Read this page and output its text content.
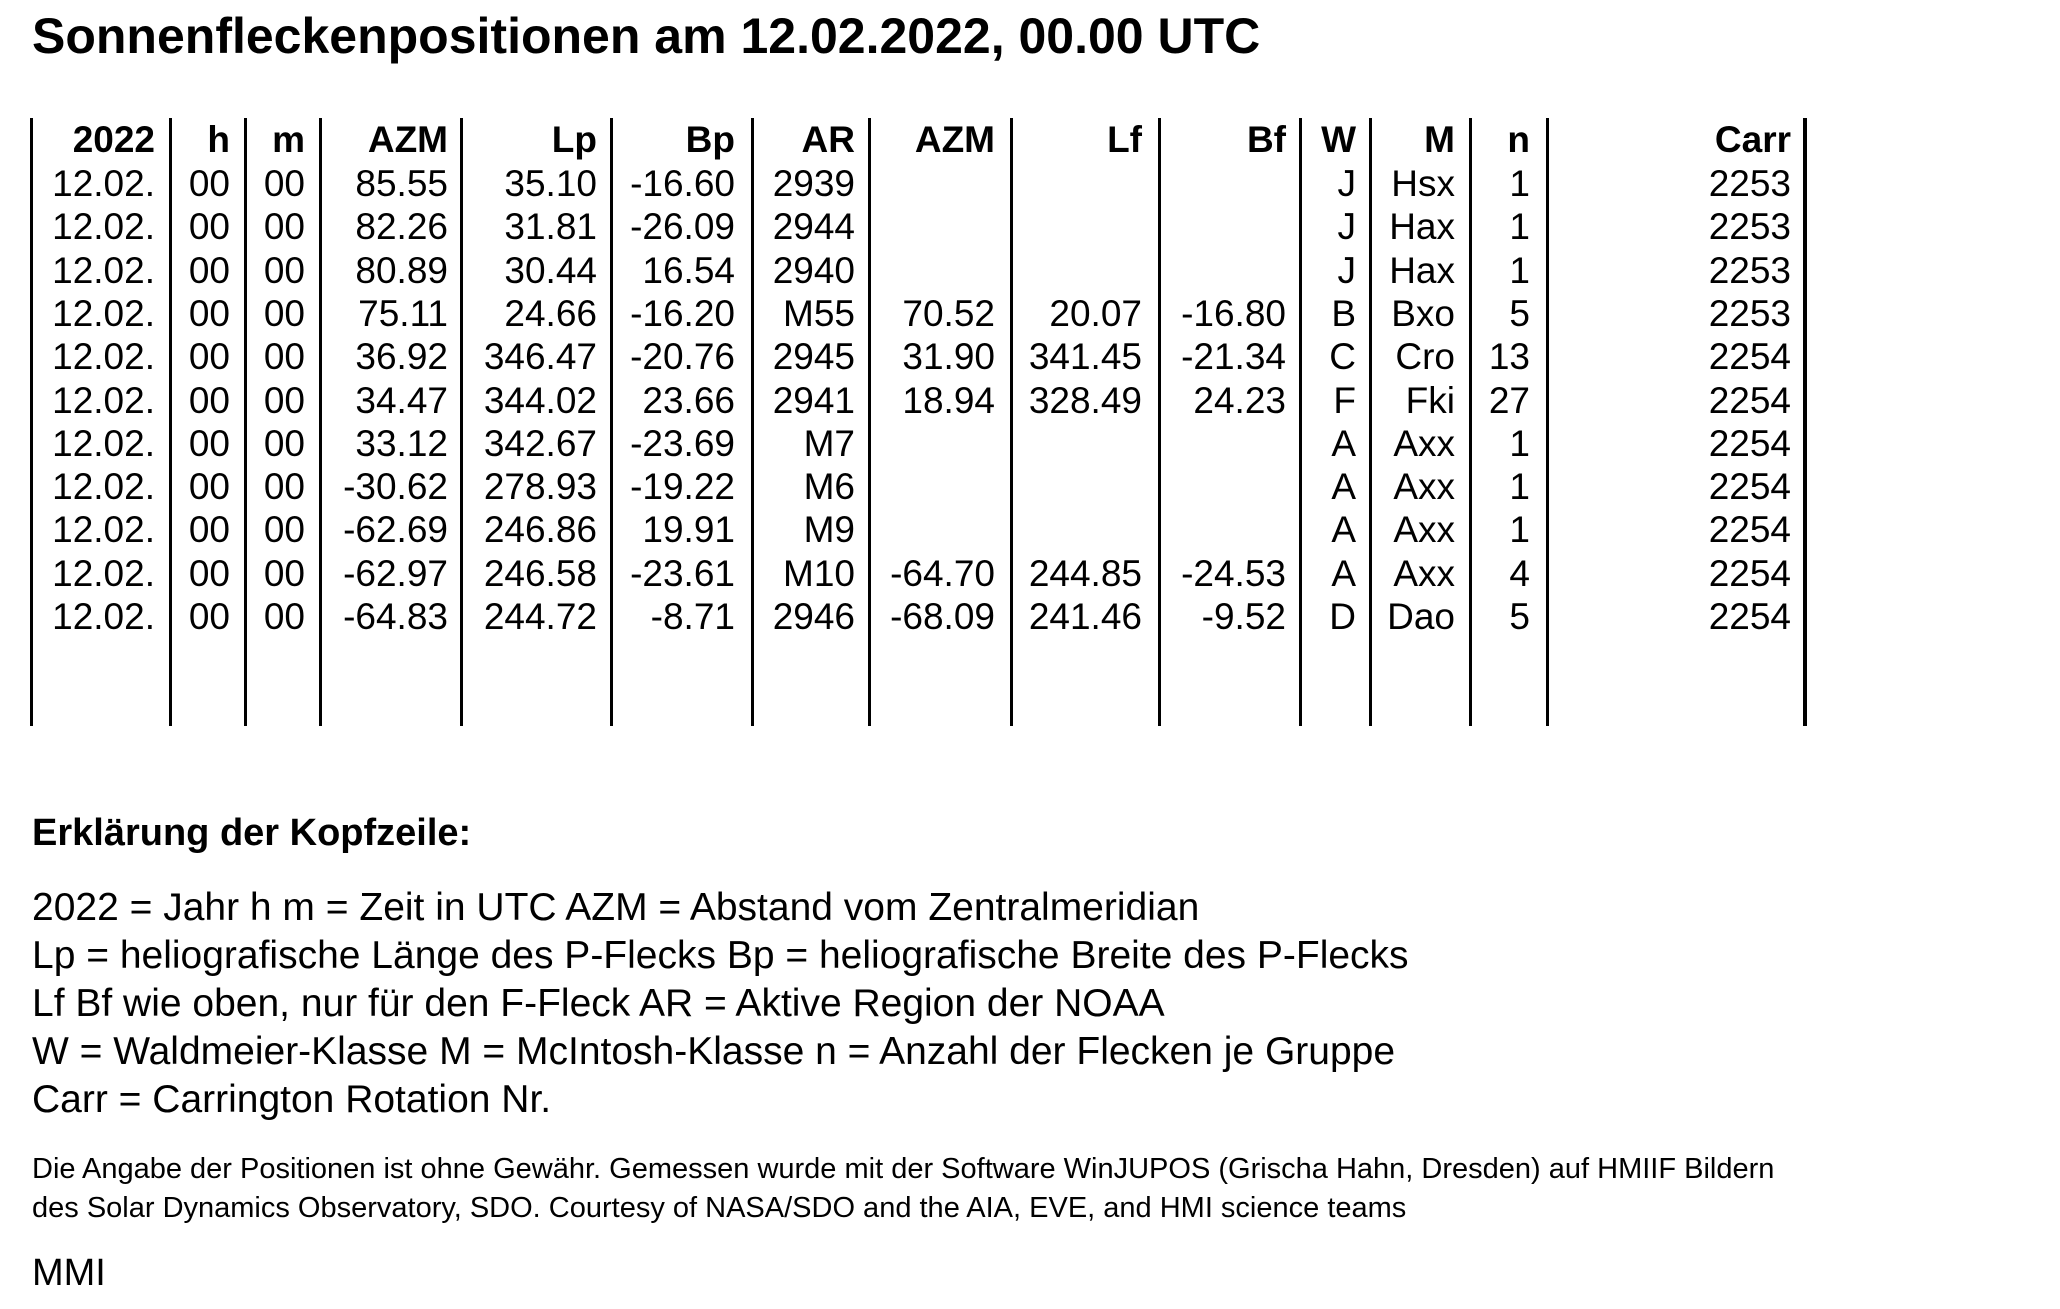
Sonnenfleckenpositionen am 12.02.2022, 00.00 UTC
2022 h m AZM	Lp Bp AR AZM	Lf	Bf W M n	Carr
12.02. 00 00 85.55 35.10 -16.60 2939	J Hsx 1	2253
12.02. 00 00 82.26 31.81 -26.09 2944	J Hax 1	2253
12.02. 00 00 80.89 30.44 16.54 2940	J Hax 1	2253
12.02. 00 00 75.11 24.66 -16.20 M55 70.52 20.07 -16.80 B Bxo 5	2253
12.02. 00 00 36.92 346.47 -20.76 2945 31.90 341.45 -21.34 C Cro 13	2254
12.02. 00 00 34.47 344.02 23.66 2941 18.94 328.49 24.23 F Fki 27	2254
12.02. 00 00 33.12 342.67 -23.69 M7	A Axx 1	2254
12.02. 00 00 -30.62 278.93 -19.22 M6	A Axx 1	2254
12.02. 00 00 -62.69 246.86 19.91 M9	A Axx 1	2254
12.02. 00 00 -62.97 246.58 -23.61 M10 -64.70 244.85 -24.53 A Axx 4	2254
12.02. 00 00 -64.83 244.72 -8.71 2946 -68.09 241.46 -9.52 D Dao 5	2254
Erklärung der Kopfzeile:
2022 = Jahr h m = Zeit in UTC AZM = Abstand vom Zentralmeridian
Lp = heliografische Länge des P-Flecks Bp = heliografische Breite des P-Flecks
Lf Bf wie oben, nur für den F-Fleck AR = Aktive Region der NOAA
W = Waldmeier-Klasse M = McIntosh-Klasse n = Anzahl der Flecken je Gruppe
Carr = Carrington Rotation Nr.
Die Angabe der Positionen ist ohne Gewähr. Gemessen wurde mit der Software WinJUPOS (Grischa Hahn, Dresden) auf HMIIF Bildern
des Solar Dynamics Observatory, SDO. Courtesy of NASA/SDO and the AIA, EVE, and HMI science teams
MMI
